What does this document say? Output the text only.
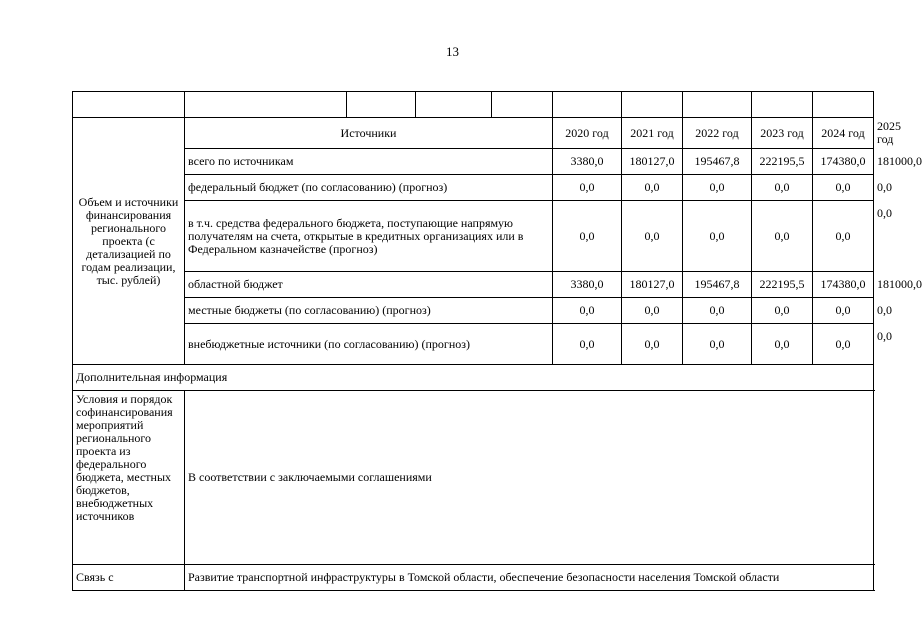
13

Объем и источники финансирования регионального проекта (с детализацией по годам реализации, тыс. рублей)	Источники				2020 год	2021 год	2022 год	2023 год	2024 год	2025 год
	всего по источникам				3380,0	180127,0	195467,8	222195,5	174380,0	181000,0
	федеральный бюджет (по согласованию) (прогноз)				0,0	0,0	0,0	0,0	0,0	0,0
	в т.ч. средства федерального бюджета, поступающие напрямую получателям на счета, открытые в кредитных организациях или в Федеральном казначействе (прогноз)				0,0	0,0	0,0	0,0	0,0	0,0
	областной бюджет				3380,0	180127,0	195467,8	222195,5	174380,0	181000,0
	местные бюджеты (по согласованию) (прогноз)				0,0	0,0	0,0	0,0	0,0	0,0
	внебюджетные источники (по согласованию) (прогноз)				0,0	0,0	0,0	0,0	0,0	0,0
Дополнительная информация										
Условия и порядок софинансирования мероприятий регионального проекта из федерального бюджета, местных бюджетов, внебюджетных источников	В соответствии с заключаемыми соглашениями									
Связь с	Развитие транспортной инфраструктуры в Томской области, обеспечение безопасности населения Томской области									
